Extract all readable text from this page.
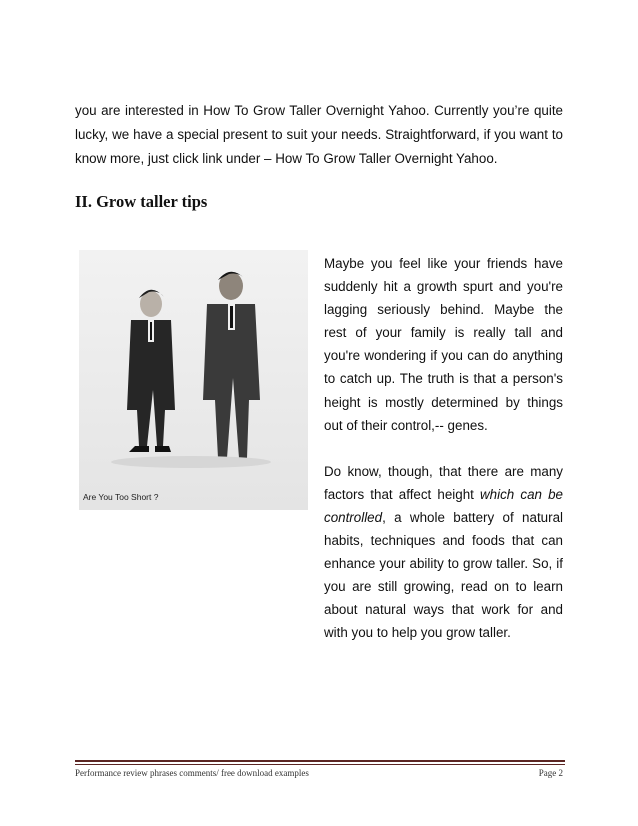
you are interested in How To Grow Taller Overnight Yahoo. Currently you’re quite lucky, we have a special present to suit your needs. Straightforward, if you want to know more, just click link under – How To Grow Taller Overnight Yahoo.

II. Grow taller tips
Are You Too Short ?

Maybe you feel like your friends have suddenly hit a growth spurt and you're lagging seriously behind. Maybe the rest of your family is really tall and you're wondering if you can do anything to catch up. The truth is that a person's height is mostly determined by things out of their control,-- genes.

Do know, though, that there are many factors that affect height which can be controlled, a whole battery of natural habits, techniques and foods that can enhance your ability to grow taller. So, if you are still growing, read on to learn about natural ways that work for and with you to help you grow taller.

Performance review phrases comments/ free download examples	Page 2
